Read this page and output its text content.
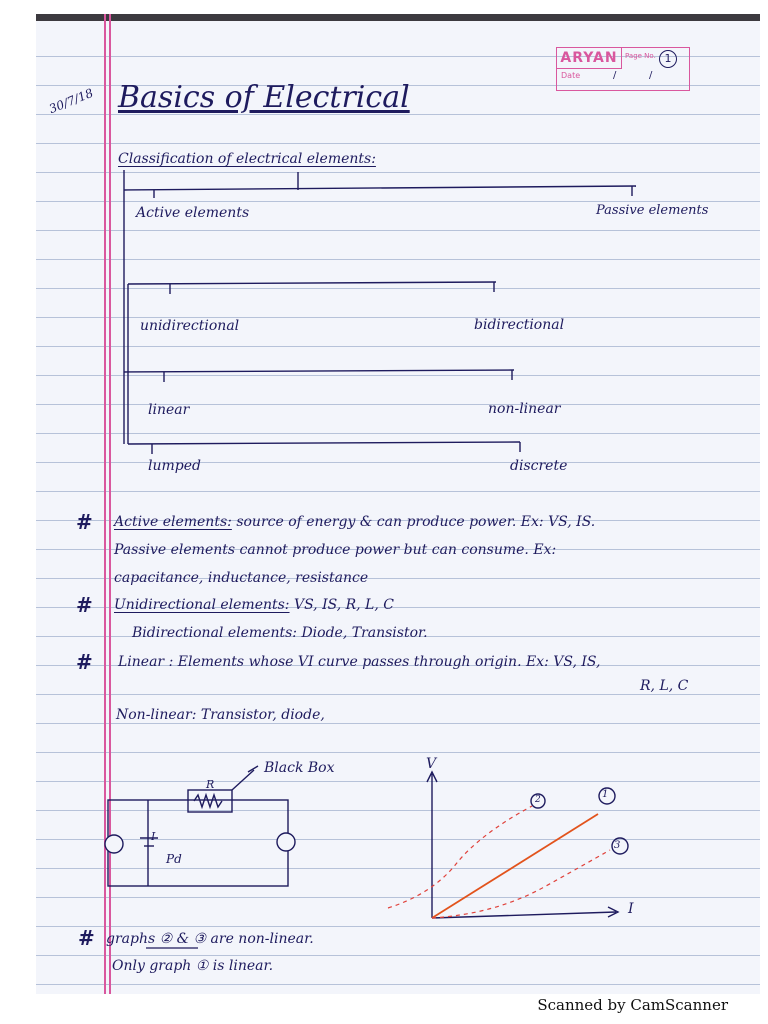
ARYAN	Page No. 1
Date	/	/
30/7/18 Basics of Electrical
Classification of electrical elements:
Active elements	Passive elements
unidirectional	bidirectional
linear	non-linear
lumped	discrete
# Active elements: source of energy & can produce power. Ex: VS, IS.
Passive elements cannot produce power but can consume. Ex:
capacitance, inductance, resistance
# Unidirectional elements: VS, IS, R, L, C
Bidirectional elements: Diode, Transistor.
# Linear : Elements whose VI curve passes through origin. Ex: VS, IS,
R, L, C
Non-linear: Transistor, diode,
Black Box
R
I
Pd
V
I
1
2
3
# graphs ② & ③ are non-linear.
Only graph ① is linear.
Scanned by CamScanner
